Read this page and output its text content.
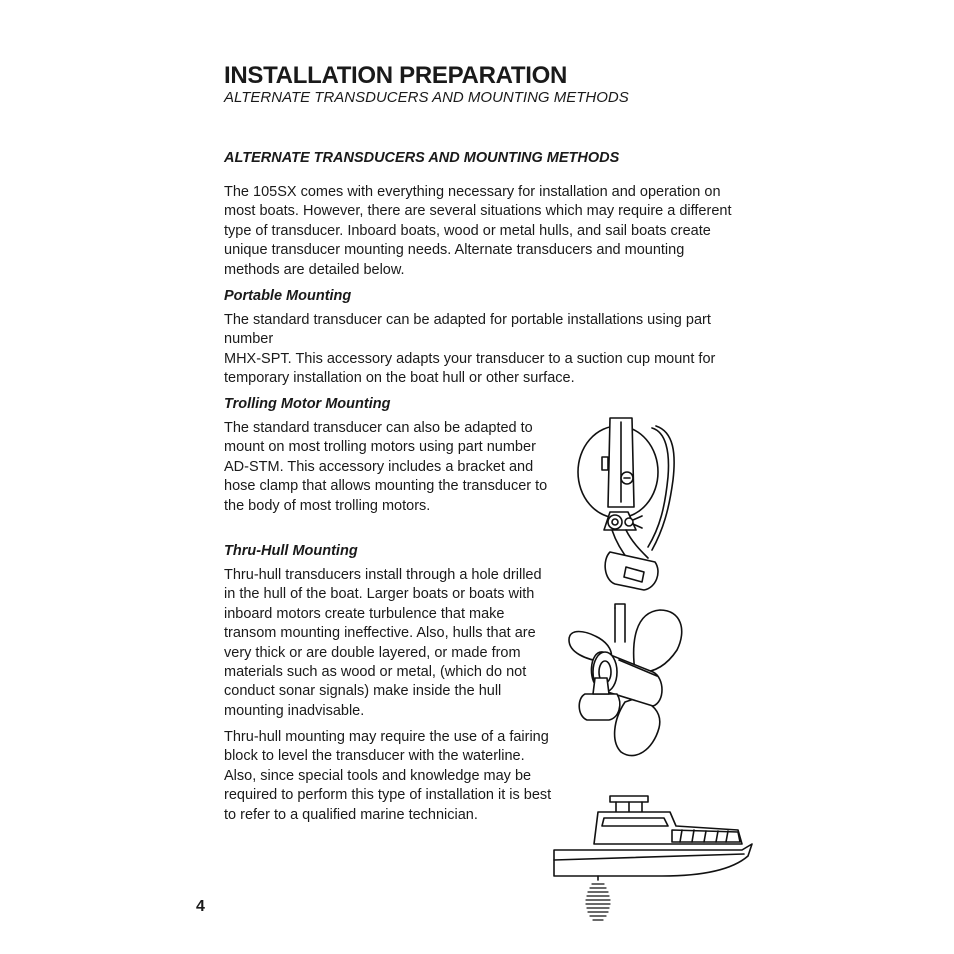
INSTALLATION PREPARATION
ALTERNATE TRANSDUCERS AND MOUNTING METHODS
ALTERNATE TRANSDUCERS AND MOUNTING METHODS
The 105SX comes with everything necessary for installation and operation on most boats. However, there are several situations which may require a different type of transducer. Inboard boats, wood or metal hulls, and sail boats create unique transducer mounting needs. Alternate transducers and mounting methods are detailed below.
Portable Mounting
The standard transducer can be adapted for portable installations using part number
MHX-SPT. This accessory adapts your transducer to a suction cup mount for temporary installation on the boat hull or other surface.
Trolling Motor Mounting
The standard transducer can also be adapted to mount on most trolling motors using part number AD-STM. This accessory includes a bracket and hose clamp that allows mounting the transducer to the body of most trolling motors.
Thru-Hull Mounting
Thru-hull transducers install through a hole drilled in the hull of the boat. Larger boats or boats with inboard motors create turbulence that make transom mounting ineffective. Also, hulls that are very thick or are double layered, or made from materials such as wood or metal, (which do not conduct sonar signals) make inside the hull mounting inadvisable.
Thru-hull mounting may require the use of a fairing block to level the transducer with the waterline. Also, since special tools and knowledge may be required to perform this type of installation it is best to refer to a qualified marine technician.
4
